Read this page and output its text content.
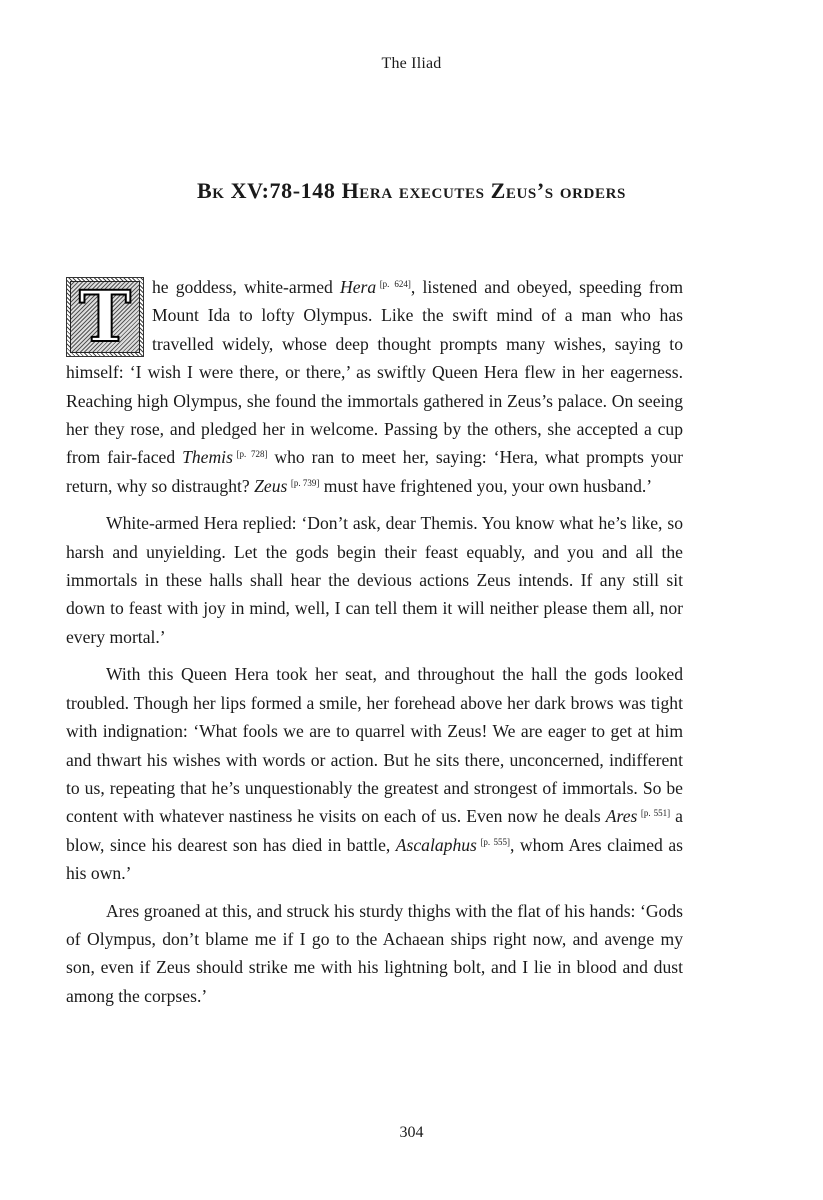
The Iliad
Bk XV:78-148 Hera executes Zeus’s orders

T	he goddess, white-armed Hera  [p. 624], listened and obeyed, speeding from Mount Ida to lofty Olympus. Like the swift mind of a man who has travelled widely, whose deep thought prompts many wishes, saying to himself: ‘I wish I were there, or there,’ as swiftly Queen Hera flew in her eagerness. Reaching high Olympus, she found the immortals gathered in Zeus’s palace. On seeing her they rose, and pledged her in welcome. Passing by the others, she accepted a cup from fair-faced Themis  [p. 728] who ran to meet her, saying: ‘Hera, what prompts your return, why so distraught? Zeus  [p. 739] must have frightened you, your own husband.’

White-armed Hera replied: ‘Don’t ask, dear Themis. You know what he’s like, so harsh and unyielding. Let the gods begin their feast equably, and you and all the immortals in these halls shall hear the devious actions Zeus intends. If any still sit down to feast with joy in mind, well, I can tell them it will neither please them all, nor every mortal.’

With this Queen Hera took her seat, and throughout the hall the gods looked troubled. Though her lips formed a smile, her forehead above her dark brows was tight with indignation: ‘What fools we are to quarrel with Zeus! We are eager to get at him and thwart his wishes with words or action. But he sits there, unconcerned, indifferent to us, repeating that he’s unquestionably the greatest and strongest of immortals. So be content with whatever nastiness he visits on each of us. Even now he deals Ares  [p. 551] a blow, since his dearest son has died in battle, Ascalaphus  [p. 555], whom Ares claimed as his own.’

Ares groaned at this, and struck his sturdy thighs with the flat of his hands: ‘Gods of Olympus, don’t blame me if I go to the Achaean ships right now, and avenge my son, even if Zeus should strike me with his lightning bolt, and I lie in blood and dust among the corpses.’

304
